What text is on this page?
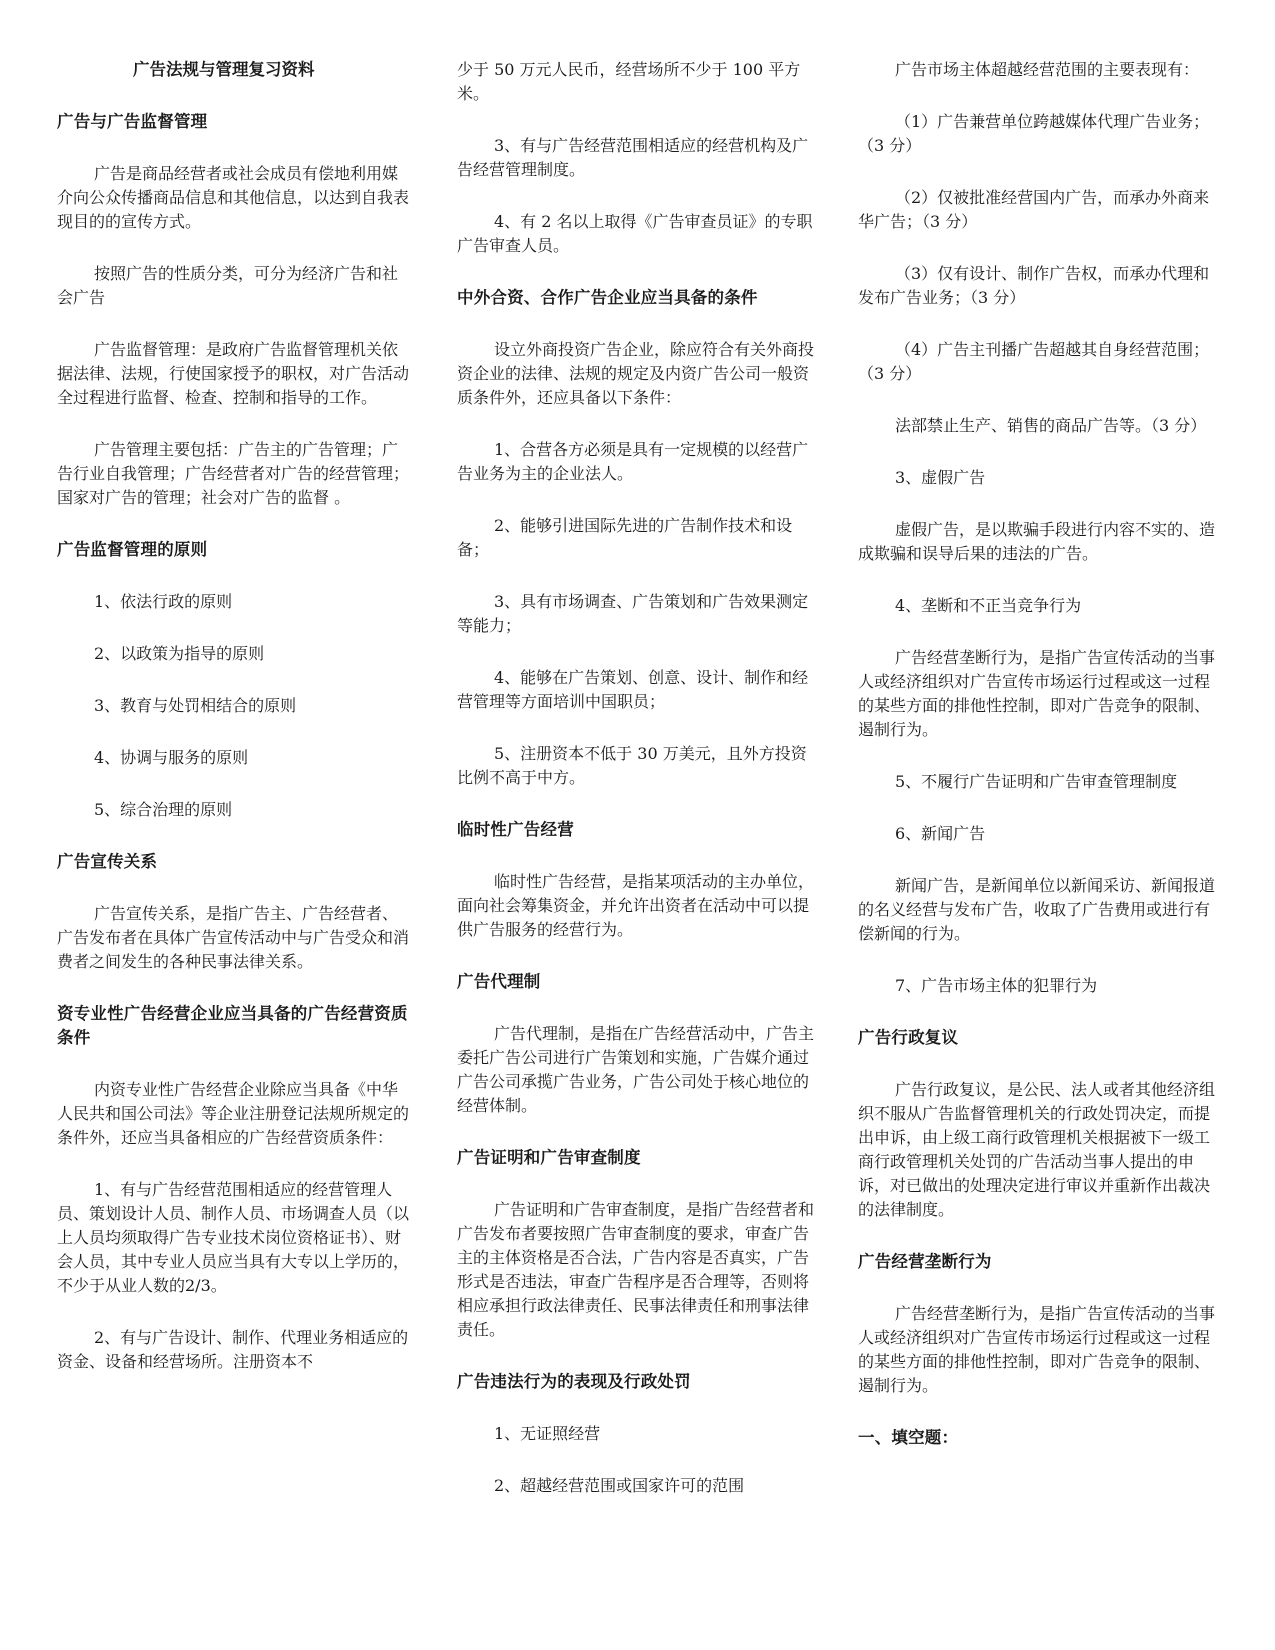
广告法规与管理复习资料
广告与广告监督管理

广告是商品经营者或社会成员有偿地利用媒介向公众传播商品信息和其他信息，以达到自我表现目的的宣传方式。

按照广告的性质分类，可分为经济广告和社会广告

广告监督管理：是政府广告监督管理机关依据法律、法规，行使国家授予的职权，对广告活动全过程进行监督、检查、控制和指导的工作。

广告管理主要包括：广告主的广告管理；广告行业自我管理；广告经营者对广告的经营管理；国家对广告的管理；社会对广告的监督 。

广告监督管理的原则

1、依法行政的原则

2、以政策为指导的原则

3、教育与处罚相结合的原则

4、协调与服务的原则

5、综合治理的原则

广告宣传关系

广告宣传关系，是指广告主、广告经营者、广告发布者在具体广告宣传活动中与广告受众和消费者之间发生的各种民事法律关系。

资专业性广告经营企业应当具备的广告经营资质条件

内资专业性广告经营企业除应当具备《中华人民共和国公司法》等企业注册登记法规所规定的条件外，还应当具备相应的广告经营资质条件：

1、有与广告经营范围相适应的经营管理人员、策划设计人员、制作人员、市场调查人员（以上人员均须取得广告专业技术岗位资格证书）、财会人员，其中专业人员应当具有大专以上学历的，不少于从业人数的2/3。

2、有与广告设计、制作、代理业务相适应的资金、设备和经营场所。注册资本不

少于 50 万元人民币，经营场所不少于 100 平方米。

3、有与广告经营范围相适应的经营机构及广告经营管理制度。

4、有 2 名以上取得《广告审查员证》的专职广告审查人员。

中外合资、合作广告企业应当具备的条件

设立外商投资广告企业，除应符合有关外商投资企业的法律、法规的规定及内资广告公司一般资质条件外，还应具备以下条件：

1、合营各方必须是具有一定规模的以经营广告业务为主的企业法人。

2、能够引进国际先进的广告制作技术和设备；

3、具有市场调查、广告策划和广告效果测定等能力；

4、能够在广告策划、创意、设计、制作和经营管理等方面培训中国职员；

5、注册资本不低于 30 万美元，且外方投资比例不高于中方。

临时性广告经营

临时性广告经营，是指某项活动的主办单位，面向社会筹集资金，并允许出资者在活动中可以提供广告服务的经营行为。

广告代理制

广告代理制，是指在广告经营活动中，广告主委托广告公司进行广告策划和实施，广告媒介通过广告公司承揽广告业务，广告公司处于核心地位的经营体制。

广告证明和广告审查制度

广告证明和广告审查制度，是指广告经营者和广告发布者要按照广告审查制度的要求，审查广告主的主体资格是否合法，广告内容是否真实，广告形式是否违法，审查广告程序是否合理等，否则将相应承担行政法律责任、民事法律责任和刑事法律责任。

广告违法行为的表现及行政处罚

1、无证照经营

2、超越经营范围或国家许可的范围

广告市场主体超越经营范围的主要表现有：

（1）广告兼营单位跨越媒体代理广告业务；（3 分）

（2）仅被批准经营国内广告，而承办外商来华广告；（3 分）

（3）仅有设计、制作广告权，而承办代理和发布广告业务；（3 分）

（4）广告主刊播广告超越其自身经营范围；（3 分）

法部禁止生产、销售的商品广告等。（3 分）

3、虚假广告

虚假广告，是以欺骗手段进行内容不实的、造成欺骗和误导后果的违法的广告。

4、垄断和不正当竞争行为

广告经营垄断行为，是指广告宣传活动的当事人或经济组织对广告宣传市场运行过程或这一过程的某些方面的排他性控制，即对广告竞争的限制、遏制行为。

5、不履行广告证明和广告审查管理制度

6、新闻广告

新闻广告，是新闻单位以新闻采访、新闻报道的名义经营与发布广告，收取了广告费用或进行有偿新闻的行为。

7、广告市场主体的犯罪行为

广告行政复议

广告行政复议，是公民、法人或者其他经济组织不服从广告监督管理机关的行政处罚决定，而提出申诉，由上级工商行政管理机关根据被下一级工商行政管理机关处罚的广告活动当事人提出的申诉，对已做出的处理决定进行审议并重新作出裁决的法律制度。

广告经营垄断行为

广告经营垄断行为，是指广告宣传活动的当事人或经济组织对广告宣传市场运行过程或这一过程的某些方面的排他性控制，即对广告竞争的限制、遏制行为。

一、填空题：
